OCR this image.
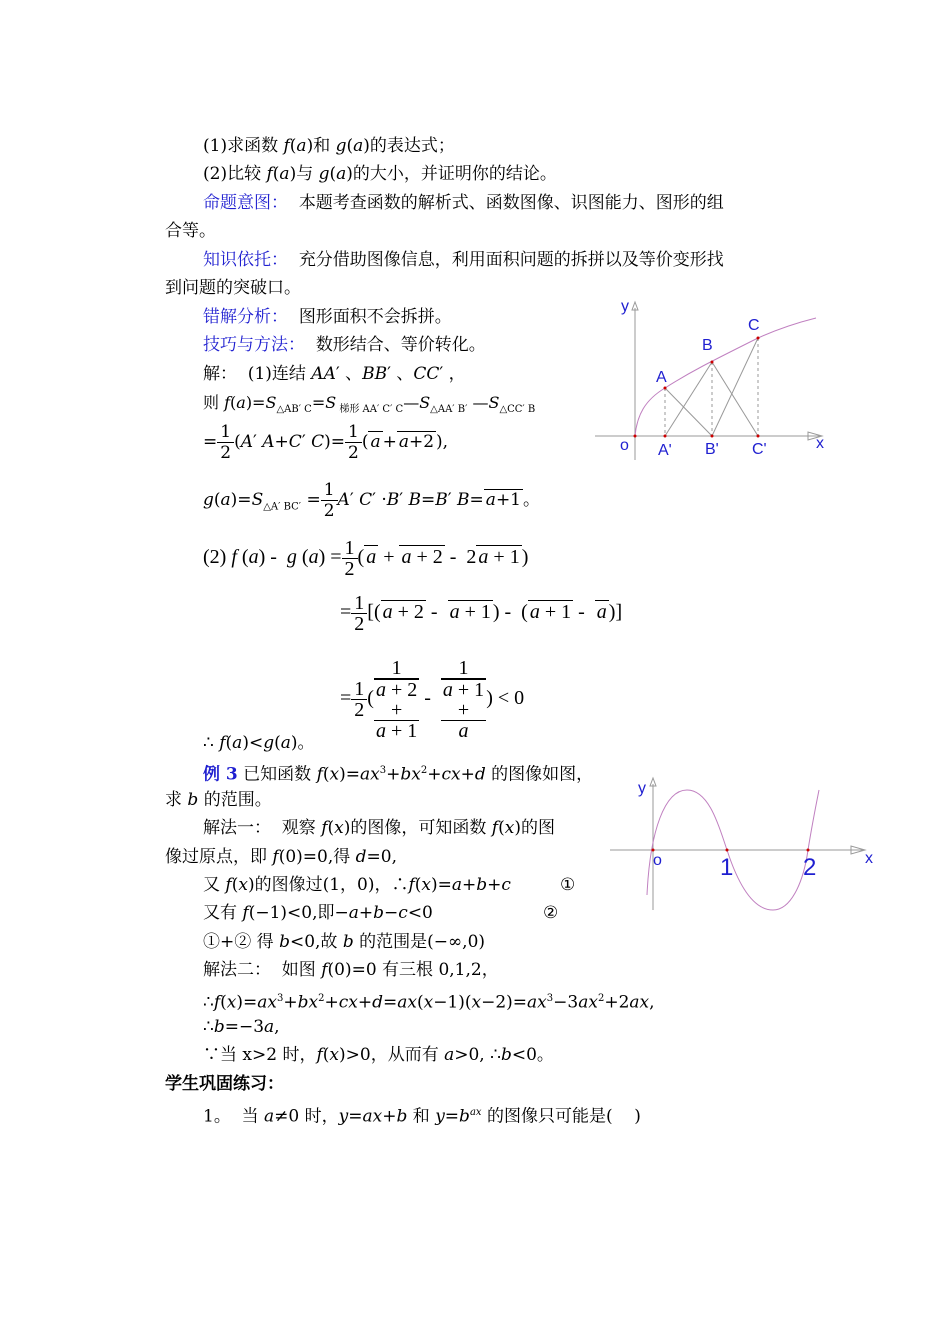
(1)求函数 f(a)和 g(a)的表达式；
(2)比较 f(a)与 g(a)的大小，并证明你的结论。
命题意图： 本题考查函数的解析式、函数图像、识图能力、图形的组
合等。
知识依托： 充分借助图像信息，利用面积问题的拆拼以及等价变形找
到问题的突破口。
错解分析： 图形面积不会拆拼。
技巧与方法： 数形结合、等价转化。
解：  (1)连结 AA′ 、BB′ 、CC′ ，
则 $f(a)=S_{\triangle AB' C}=S$ $_{梯形 AA' C' C}—S_{\triangle AA' B'}$ $—S_{\triangle CC' B}$
= $\frac{1}{2} (A'$ A+C′ $C)= \frac{1}{2}$ ( a + a+2 ),
$g(a)=S_{\triangle A' BC'} = \frac{1}{2} A'$ C′ ·B′ B=B′ B= a+1 。
(2) f (a) -  g $(a) = \frac{1}{2}$ ( a + a + 2 -  2 a + 1 )
= $\frac{1}{2}$ [( a + 2 -  a + 1 ) -  ( a + 1 -  a )]
= $\frac{1}{2}$ ( 1
a + 2
+
a + 1 - 1
a + 1
+
a ) < 0
∴ f(a)<g(a)。
例 3 已知函数 $f(x)=ax^3+bx^2+cx+d$ 的图像如图，
求 b 的范围。
解法一：  观察 f(x)的图像，可知函数 f(x)的图
像过原点，即 f(0)=0,得 d=0,
又 f(x)的图像过(1，0)，∴f(x)=a+b+c	①
又有 f(−1)<0,即−a+b−c<0	②
①+② 得 b<0,故 b 的范围是(−∞,0)
解法二：  如图 f(0)=0 有三根 0,1,2，
$\therefore f(x)=ax^3+bx^2+cx+d=ax(x-1)(x-2)=ax^3-3ax^2+2ax$,
∴b=−3a,
∵当 x>2 时，f(x)>0，从而有 a>0, ∴b<0。
学生巩固练习：
1。  当 a≠0 时，y=ax+b 和 $y=b^{ax}$ 的图像只可能是(    )
y
x
o
A
B
C
A' B' C'
y
x
o 1	2
